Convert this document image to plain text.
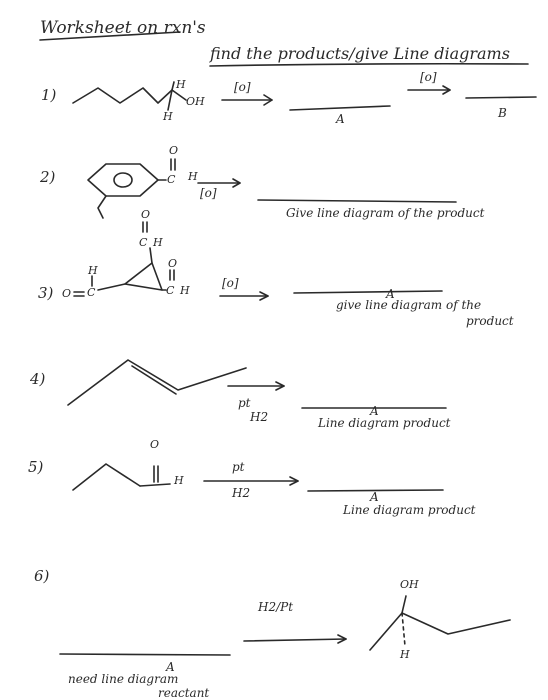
Worksheet on rxn's
find the products/give Line diagrams
1)
H
OH
H
[o]
A
[o]
B
2)
O
C H
[o]
Give line diagram of the product
3)
O
C H
H
O C	C H
O
[o]
A
give line diagram of the
product
4)
pt
H2	A
Line diagram product
5)
O
H
pt
H2	A
Line diagram product
6)
H2/Pt
OH
H
A
need line diagram
reactant
